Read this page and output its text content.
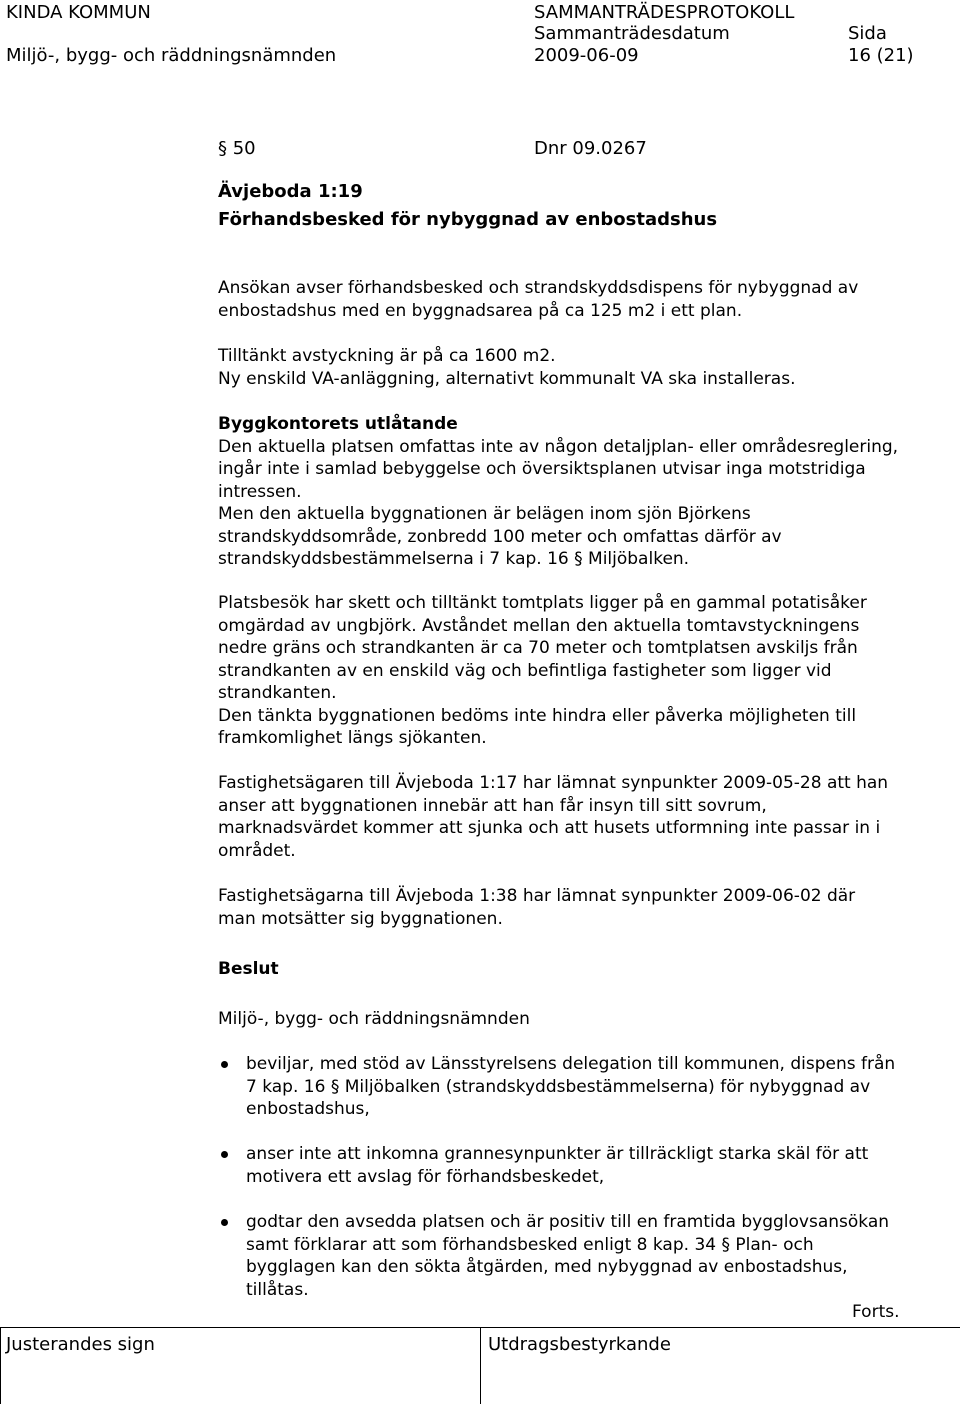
KINDA KOMMUN	SAMMANTRÄDESPROTOKOLL
Miljö-, bygg- och räddningsnämnden
Sammanträdesdatum
2009-06-09
Sida
16 (21)
§ 50	Dnr 09.0267
Ävjeboda 1:19
Förhandsbesked för nybyggnad av enbostadshus
Ansökan avser förhandsbesked och strandskyddsdispens för nybyggnad av
enbostadshus med en byggnadsarea på ca 125 m2 i ett plan.
Tilltänkt avstyckning är på ca 1600 m2.
Ny enskild VA-anläggning, alternativt kommunalt VA ska installeras.
Byggkontorets utlåtande
Den aktuella platsen omfattas inte av någon detaljplan- eller områdesreglering,
ingår inte i samlad bebyggelse och översiktsplanen utvisar inga motstridiga
intressen.
Men den aktuella byggnationen är belägen inom sjön Björkens
strandskyddsområde, zonbredd 100 meter och omfattas därför av
strandskyddsbestämmelserna i 7 kap. 16 § Miljöbalken.
Platsbesök har skett och tilltänkt tomtplats ligger på en gammal potatisåker
omgärdad av ungbjörk. Avståndet mellan den aktuella tomtavstyckningens
nedre gräns och strandkanten är ca 70 meter och tomtplatsen avskiljs från
strandkanten av en enskild väg och befintliga fastigheter som ligger vid
strandkanten.
Den tänkta byggnationen bedöms inte hindra eller påverka möjligheten till
framkomlighet längs sjökanten.
Fastighetsägaren till Ävjeboda 1:17 har lämnat synpunkter 2009-05-28 att han
anser att byggnationen innebär att han får insyn till sitt sovrum,
marknadsvärdet kommer att sjunka och att husets utformning inte passar in i
området.
Fastighetsägarna till Ävjeboda 1:38 har lämnat synpunkter 2009-06-02 där
man motsätter sig byggnationen.
Beslut
Miljö-, bygg- och räddningsnämnden
beviljar, med stöd av Länsstyrelsens delegation till kommunen, dispens från
7 kap. 16 § Miljöbalken (strandskyddsbestämmelserna) för nybyggnad av
enbostadshus,
anser inte att inkomna grannesynpunkter är tillräckligt starka skäl för att
motivera ett avslag för förhandsbeskedet,
godtar den avsedda platsen och är positiv till en framtida bygglovsansökan
samt förklarar att som förhandsbesked enligt 8 kap. 34 § Plan- och
bygglagen kan den sökta åtgärden, med nybyggnad av enbostadshus,
tillåtas.
Forts.
Justerandes sign	Utdragsbestyrkande
